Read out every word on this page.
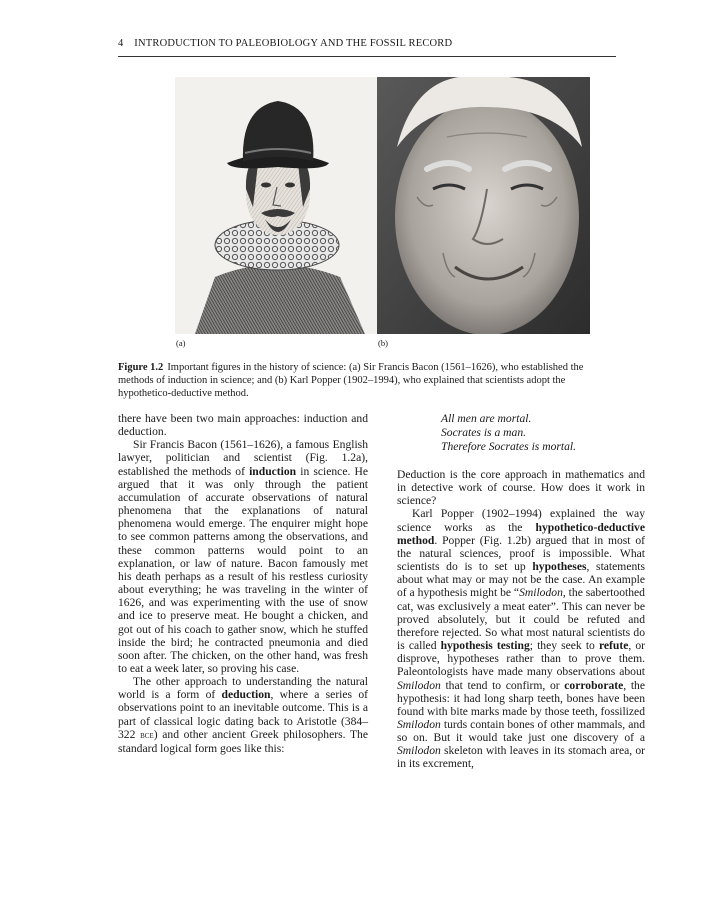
4 INTRODUCTION TO PALEOBIOLOGY AND THE FOSSIL RECORD
(a)	(b)
Figure 1.2 Important figures in the history of science: (a) Sir Francis Bacon (1561–1626), who established the methods of induction in science; and (b) Karl Popper (1902–1994), who explained that scientists adopt the hypothetico-deductive method.

there have been two main approaches: induction and deduction.

Sir Francis Bacon (1561–1626), a famous English lawyer, politician and scientist (Fig. 1.2a), established the methods of induction in science. He argued that it was only through the patient accumulation of accurate observations of natural phenomena that the explanations of natural phenomena would emerge. The enquirer might hope to see common patterns among the observations, and these common patterns would point to an explanation, or law of nature. Bacon famously met his death perhaps as a result of his restless curiosity about everything; he was traveling in the winter of 1626, and was experimenting with the use of snow and ice to preserve meat. He bought a chicken, and got out of his coach to gather snow, which he stuffed inside the bird; he contracted pneumonia and died soon after. The chicken, on the other hand, was fresh to eat a week later, so proving his case.

The other approach to understanding the natural world is a form of deduction, where a series of observations point to an inevitable outcome. This is a part of classical logic dating back to Aristotle (384–322 bce) and other ancient Greek philosophers. The standard logical form goes like this:

All men are mortal.
Socrates is a man.
Therefore Socrates is mortal.

Deduction is the core approach in mathematics and in detective work of course. How does it work in science?

Karl Popper (1902–1994) explained the way science works as the hypothetico-deductive method. Popper (Fig. 1.2b) argued that in most of the natural sciences, proof is impossible. What scientists do is to set up hypotheses, statements about what may or may not be the case. An example of a hypothesis might be “Smilodon, the sabertoothed cat, was exclusively a meat eater”. This can never be proved absolutely, but it could be refuted and therefore rejected. So what most natural scientists do is called hypothesis testing; they seek to refute, or disprove, hypotheses rather than to prove them. Paleontologists have made many observations about Smilodon that tend to confirm, or corroborate, the hypothesis: it had long sharp teeth, bones have been found with bite marks made by those teeth, fossilized Smilodon turds contain bones of other mammals, and so on. But it would take just one discovery of a Smilodon skeleton with leaves in its stomach area, or in its excrement,
